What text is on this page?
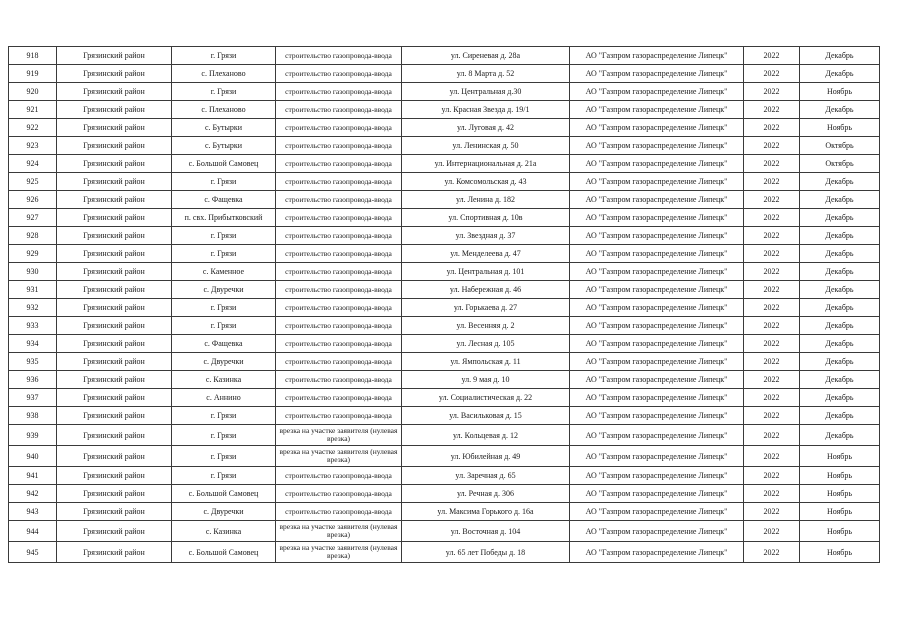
918	Грязинский район	г. Грязи	строительство газопровода-ввода	ул. Сиреневая д. 28а	АО "Газпром газораспределение Липецк"	2022	Декабрь
919	Грязинский район	с. Плеханово	строительство газопровода-ввода	ул. 8 Марта д. 52	АО "Газпром газораспределение Липецк"	2022	Декабрь
920	Грязинский район	г. Грязи	строительство газопровода-ввода	ул. Центральная д.30	АО "Газпром газораспределение Липецк"	2022	Ноябрь
921	Грязинский район	с. Плеханово	строительство газопровода-ввода	ул. Красная Звезда д. 19/1	АО "Газпром газораспределение Липецк"	2022	Декабрь
922	Грязинский район	с. Бутырки	строительство газопровода-ввода	ул. Луговая д. 42	АО "Газпром газораспределение Липецк"	2022	Ноябрь
923	Грязинский район	с. Бутырки	строительство газопровода-ввода	ул. Ленинская д. 50	АО "Газпром газораспределение Липецк"	2022	Октябрь
924	Грязинский район	с. Большой Самовец	строительство газопровода-ввода	ул. Интернациональная д. 21а	АО "Газпром газораспределение Липецк"	2022	Октябрь
925	Грязинский район	г. Грязи	строительство газопровода-ввода	ул. Комсомольская д. 43	АО "Газпром газораспределение Липецк"	2022	Декабрь
926	Грязинский район	с. Фащевка	строительство газопровода-ввода	ул. Ленина д. 182	АО "Газпром газораспределение Липецк"	2022	Декабрь
927	Грязинский район	п. свх. Прибытковский	строительство газопровода-ввода	ул. Спортивная д. 10в	АО "Газпром газораспределение Липецк"	2022	Декабрь
928	Грязинский район	г. Грязи	строительство газопровода-ввода	ул. Звездная д. 37	АО "Газпром газораспределение Липецк"	2022	Декабрь
929	Грязинский район	г. Грязи	строительство газопровода-ввода	ул. Менделеева д. 47	АО "Газпром газораспределение Липецк"	2022	Декабрь
930	Грязинский район	с. Каменное	строительство газопровода-ввода	ул. Центральная д. 101	АО "Газпром газораспределение Липецк"	2022	Декабрь
931	Грязинский район	с. Двуречки	строительство газопровода-ввода	ул. Набережная д. 46	АО "Газпром газораспределение Липецк"	2022	Декабрь
932	Грязинский район	г. Грязи	строительство газопровода-ввода	ул. Горькаева д. 27	АО "Газпром газораспределение Липецк"	2022	Декабрь
933	Грязинский район	г. Грязи	строительство газопровода-ввода	ул. Весенняя д. 2	АО "Газпром газораспределение Липецк"	2022	Декабрь
934	Грязинский район	с. Фащевка	строительство газопровода-ввода	ул. Лесная д. 105	АО "Газпром газораспределение Липецк"	2022	Декабрь
935	Грязинский район	с. Двуречки	строительство газопровода-ввода	ул. Ямпольская д. 11	АО "Газпром газораспределение Липецк"	2022	Декабрь
936	Грязинский район	с. Казинка	строительство газопровода-ввода	ул. 9 мая д. 10	АО "Газпром газораспределение Липецк"	2022	Декабрь
937	Грязинский район	с. Аннино	строительство газопровода-ввода	ул. Социалистическая д. 22	АО "Газпром газораспределение Липецк"	2022	Декабрь
938	Грязинский район	г. Грязи	строительство газопровода-ввода	ул. Васильковая д. 15	АО "Газпром газораспределение Липецк"	2022	Декабрь
939	Грязинский район	г. Грязи	врезка на участке заявителя (нулевая врезка)	ул. Кольцевая д. 12	АО "Газпром газораспределение Липецк"	2022	Декабрь
940	Грязинский район	г. Грязи	врезка на участке заявителя (нулевая врезка)	ул. Юбилейная д. 49	АО "Газпром газораспределение Липецк"	2022	Ноябрь
941	Грязинский район	г. Грязи	строительство газопровода-ввода	ул. Заречная д. 65	АО "Газпром газораспределение Липецк"	2022	Ноябрь
942	Грязинский район	с. Большой Самовец	строительство газопровода-ввода	ул. Речная д. 306	АО "Газпром газораспределение Липецк"	2022	Ноябрь
943	Грязинский район	с. Двуречки	строительство газопровода-ввода	ул. Максима Горького д. 16а	АО "Газпром газораспределение Липецк"	2022	Ноябрь
944	Грязинский район	с. Казинка	врезка на участке заявителя (нулевая врезка)	ул. Восточная д. 104	АО "Газпром газораспределение Липецк"	2022	Ноябрь
945	Грязинский район	с. Большой Самовец	врезка на участке заявителя (нулевая врезка)	ул. 65 лет Победы д. 18	АО "Газпром газораспределение Липецк"	2022	Ноябрь
